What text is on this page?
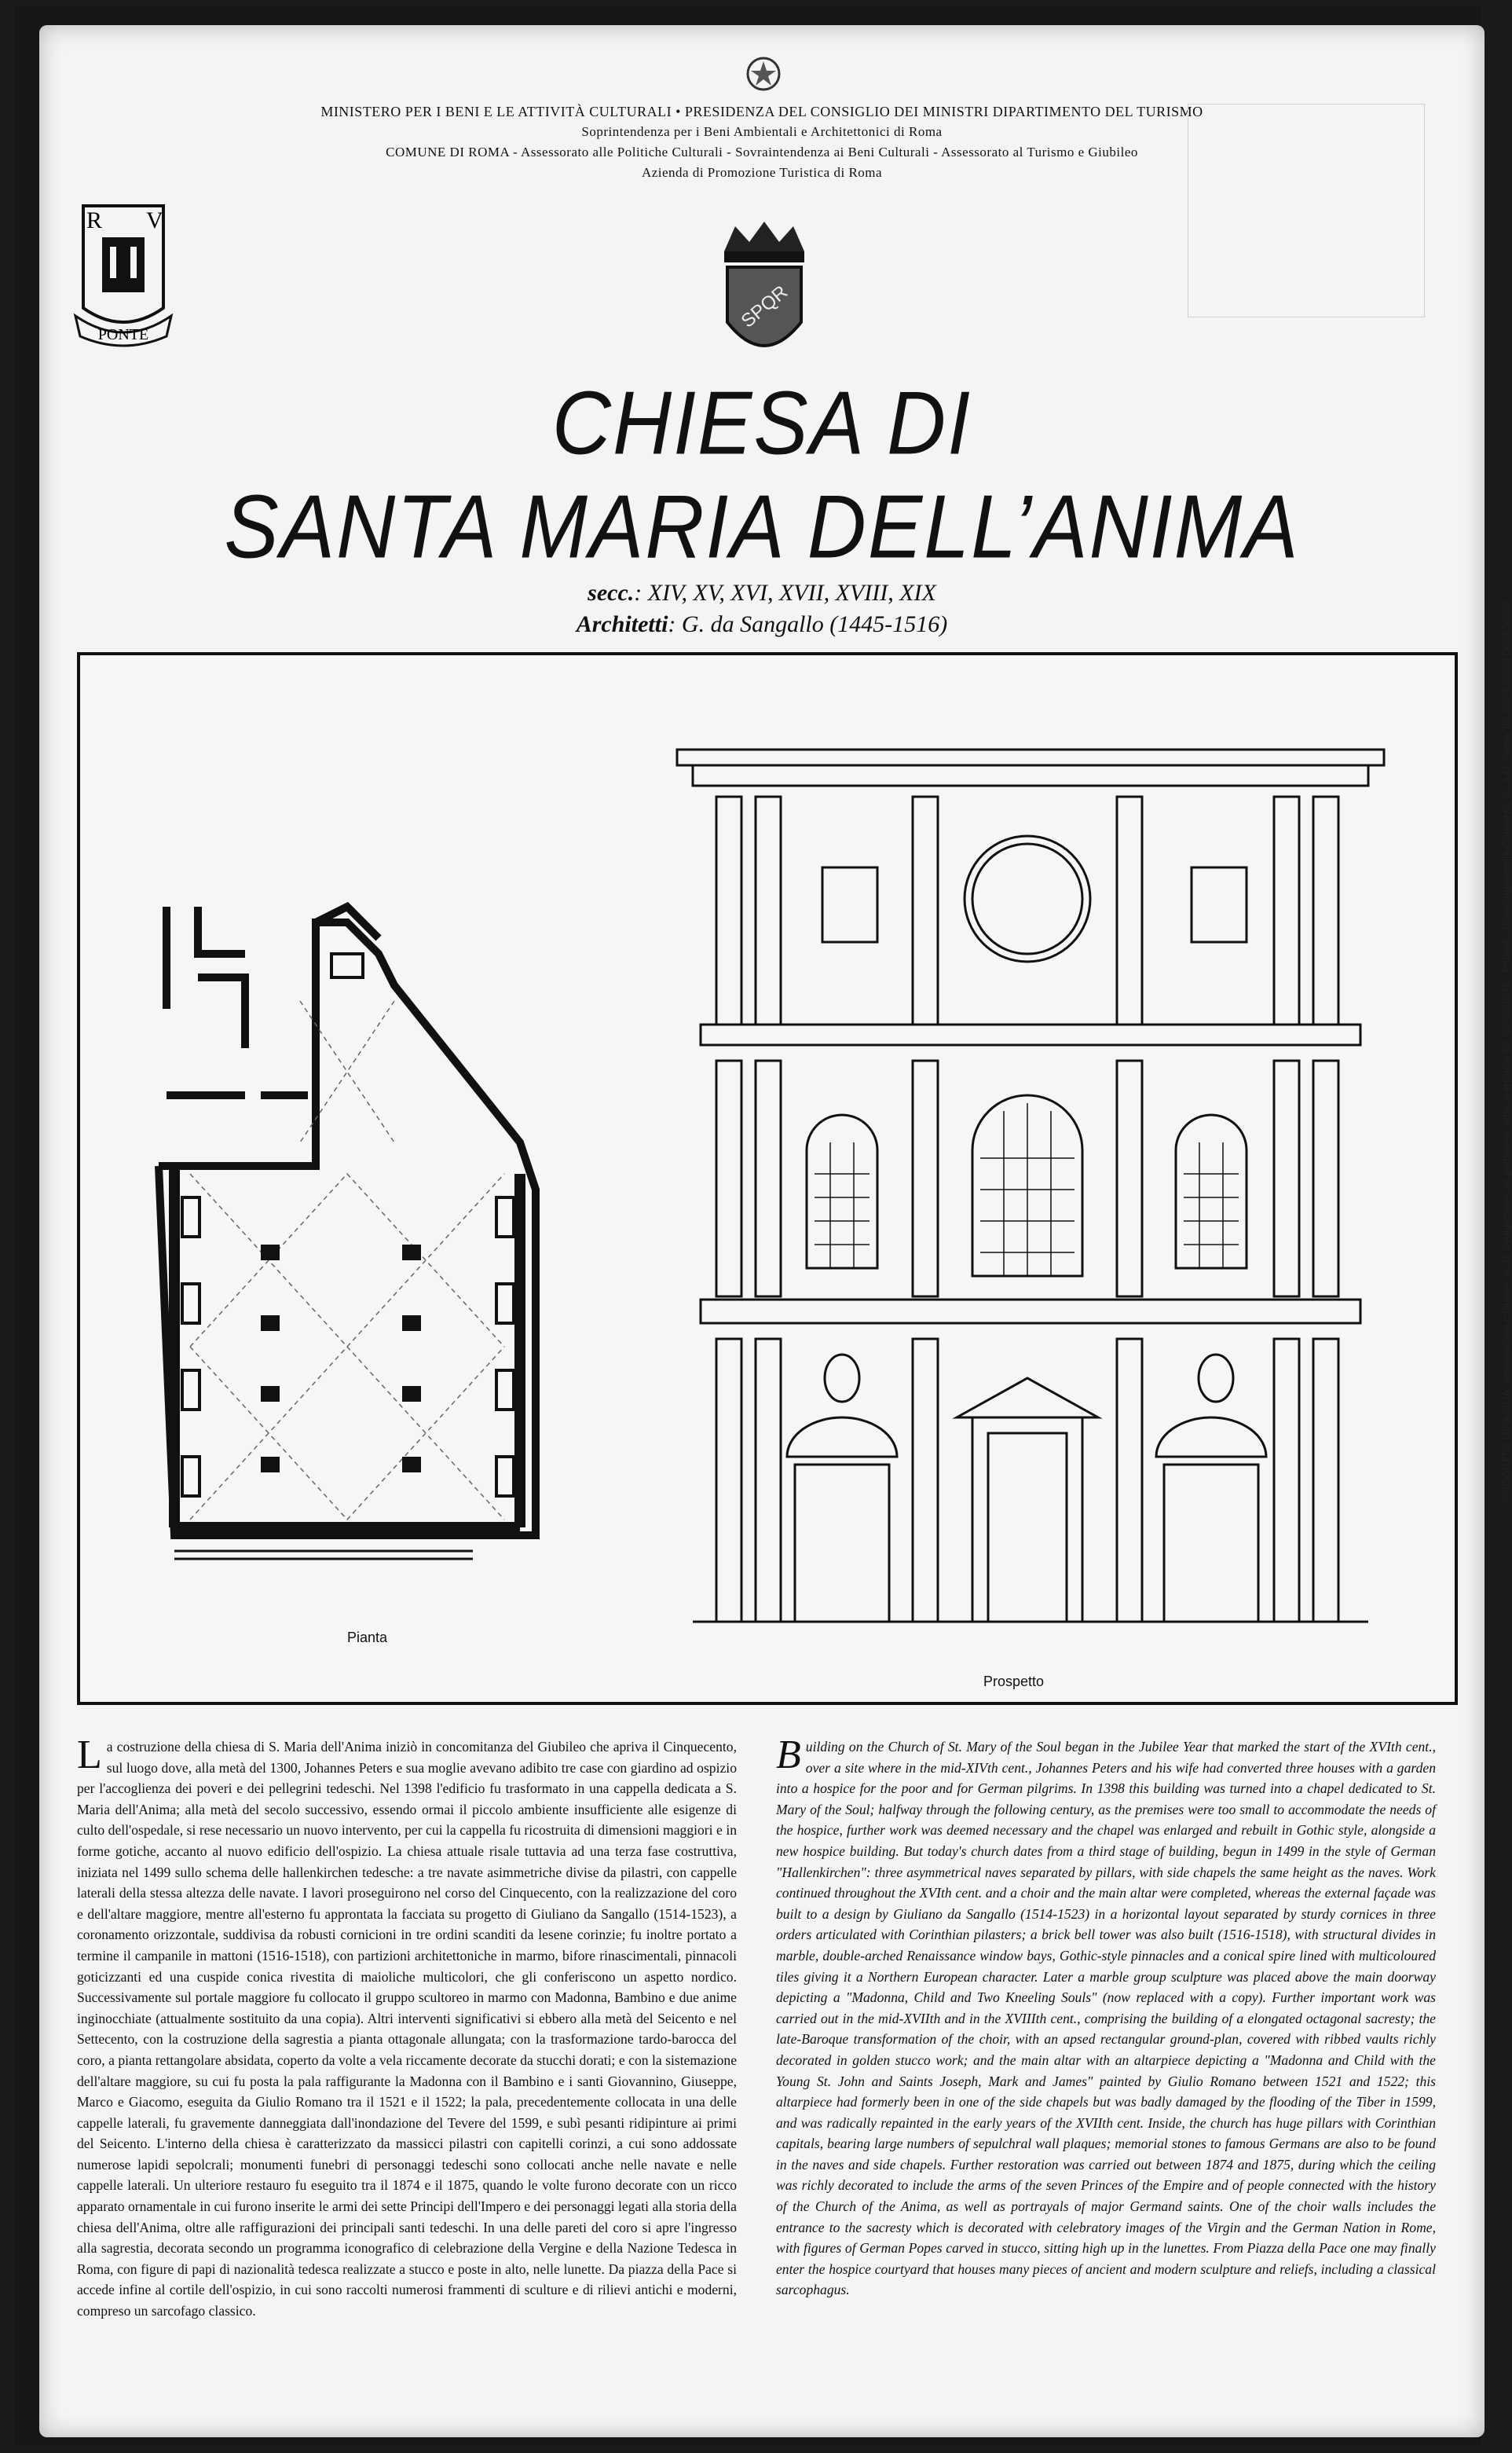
MINISTERO PER I BENI E LE ATTIVITÀ CULTURALI • PRESIDENZA DEL CONSIGLIO DEI MINISTRI DIPARTIMENTO DEL TURISMO
Soprintendenza per i Beni Ambientali e Architettonici di Roma
COMUNE DI ROMA - Assessorato alle Politiche Culturali - Sovraintendenza ai Beni Culturali - Assessorato al Turismo e Giubileo
Azienda di Promozione Turistica di Roma
R V
PONTE
SPQR
CHIESA DI
SANTA MARIA DELL’ANIMA
secc.: XIV, XV, XVI, XVII, XVIII, XIX
Architetti: G. da Sangallo (1445-1516)
Pianta
Prospetto
"PROGETTO MIRABILIA" associazione culturale per la divulgazione del patrimonio storico artistico Tel. 06/6830076 - Pobiedo: Istaudarpalermita Consorzio s.c.a.r.l. Roma Tel. 06/6825296 06/5836889
La costruzione della chiesa di S. Maria dell'Anima iniziò in concomitanza del Giubileo che apriva il Cinquecento, sul luogo dove, alla metà del 1300, Johannes Peters e sua moglie avevano adibito tre case con giardino ad ospizio per l'accoglienza dei poveri e dei pellegrini tedeschi. Nel 1398 l'edificio fu trasformato in una cappella dedicata a S. Maria dell'Anima; alla metà del secolo successivo, essendo ormai il piccolo ambiente insufficiente alle esigenze di culto dell'ospedale, si rese necessario un nuovo intervento, per cui la cappella fu ricostruita di dimensioni maggiori e in forme gotiche, accanto al nuovo edificio dell'ospizio. La chiesa attuale risale tuttavia ad una terza fase costruttiva, iniziata nel 1499 sullo schema delle hallenkirchen tedesche: a tre navate asimmetriche divise da pilastri, con cappelle laterali della stessa altezza delle navate. I lavori proseguirono nel corso del Cinquecento, con la realizzazione del coro e dell'altare maggiore, mentre all'esterno fu approntata la facciata su progetto di Giuliano da Sangallo (1514-1523), a coronamento orizzontale, suddivisa da robusti cornicioni in tre ordini scanditi da lesene corinzie; fu inoltre portato a termine il campanile in mattoni (1516-1518), con partizioni architettoniche in marmo, bifore rinascimentali, pinnacoli goticizzanti ed una cuspide conica rivestita di maioliche multicolori, che gli conferiscono un aspetto nordico. Successivamente sul portale maggiore fu collocato il gruppo scultoreo in marmo con Madonna, Bambino e due anime inginocchiate (attualmente sostituito da una copia). Altri interventi significativi si ebbero alla metà del Seicento e nel Settecento, con la costruzione della sagrestia a pianta ottagonale allungata; con la trasformazione tardo-barocca del coro, a pianta rettangolare absidata, coperto da volte a vela riccamente decorate da stucchi dorati; e con la sistemazione dell'altare maggiore, su cui fu posta la pala raffigurante la Madonna con il Bambino e i santi Giovannino, Giuseppe, Marco e Giacomo, eseguita da Giulio Romano tra il 1521 e il 1522; la pala, precedentemente collocata in una delle cappelle laterali, fu gravemente danneggiata dall'inondazione del Tevere del 1599, e subì pesanti ridipinture ai primi del Seicento. L'interno della chiesa è caratterizzato da massicci pilastri con capitelli corinzi, a cui sono addossate numerose lapidi sepolcrali; monumenti funebri di personaggi tedeschi sono collocati anche nelle navate e nelle cappelle laterali. Un ulteriore restauro fu eseguito tra il 1874 e il 1875, quando le volte furono decorate con un ricco apparato ornamentale in cui furono inserite le armi dei sette Principi dell'Impero e dei personaggi legati alla storia della chiesa dell'Anima, oltre alle raffigurazioni dei principali santi tedeschi. In una delle pareti del coro si apre l'ingresso alla sagrestia, decorata secondo un programma iconografico di celebrazione della Vergine e della Nazione Tedesca in Roma, con figure di papi di nazionalità tedesca realizzate a stucco e poste in alto, nelle lunette. Da piazza della Pace si accede infine al cortile dell'ospizio, in cui sono raccolti numerosi frammenti di sculture e di rilievi antichi e moderni, compreso un sarcofago classico.
Building on the Church of St. Mary of the Soul began in the Jubilee Year that marked the start of the XVIth cent., over a site where in the mid-XIVth cent., Johannes Peters and his wife had converted three houses with a garden into a hospice for the poor and for German pilgrims. In 1398 this building was turned into a chapel dedicated to St. Mary of the Soul; halfway through the following century, as the premises were too small to accommodate the needs of the hospice, further work was deemed necessary and the chapel was enlarged and rebuilt in Gothic style, alongside a new hospice building. But today's church dates from a third stage of building, begun in 1499 in the style of German "Hallenkirchen": three asymmetrical naves separated by pillars, with side chapels the same height as the naves. Work continued throughout the XVIth cent. and a choir and the main altar were completed, whereas the external façade was built to a design by Giuliano da Sangallo (1514-1523) in a horizontal layout separated by sturdy cornices in three orders articulated with Corinthian pilasters; a brick bell tower was also built (1516-1518), with structural divides in marble, double-arched Renaissance window bays, Gothic-style pinnacles and a conical spire lined with multicoloured tiles giving it a Northern European character. Later a marble group sculpture was placed above the main doorway depicting a "Madonna, Child and Two Kneeling Souls" (now replaced with a copy). Further important work was carried out in the mid-XVIIth and in the XVIIIth cent., comprising the building of a elongated octagonal sacresty; the late-Baroque transformation of the choir, with an apsed rectangular ground-plan, covered with ribbed vaults richly decorated in golden stucco work; and the main altar with an altarpiece depicting a "Madonna and Child with the Young St. John and Saints Joseph, Mark and James" painted by Giulio Romano between 1521 and 1522; this altarpiece had formerly been in one of the side chapels but was badly damaged by the flooding of the Tiber in 1599, and was radically repainted in the early years of the XVIIth cent. Inside, the church has huge pillars with Corinthian capitals, bearing large numbers of sepulchral wall plaques; memorial stones to famous Germans are also to be found in the naves and side chapels. Further restoration was carried out between 1874 and 1875, during which the ceiling was richly decorated to include the arms of the seven Princes of the Empire and of people connected with the history of the Church of the Anima, as well as portrayals of major Germand saints. One of the choir walls includes the entrance to the sacresty which is decorated with celebratory images of the Virgin and the German Nation in Rome, with figures of German Popes carved in stucco, sitting high up in the lunettes. From Piazza della Pace one may finally enter the hospice courtyard that houses many pieces of ancient and modern sculpture and reliefs, including a classical sarcophagus.
